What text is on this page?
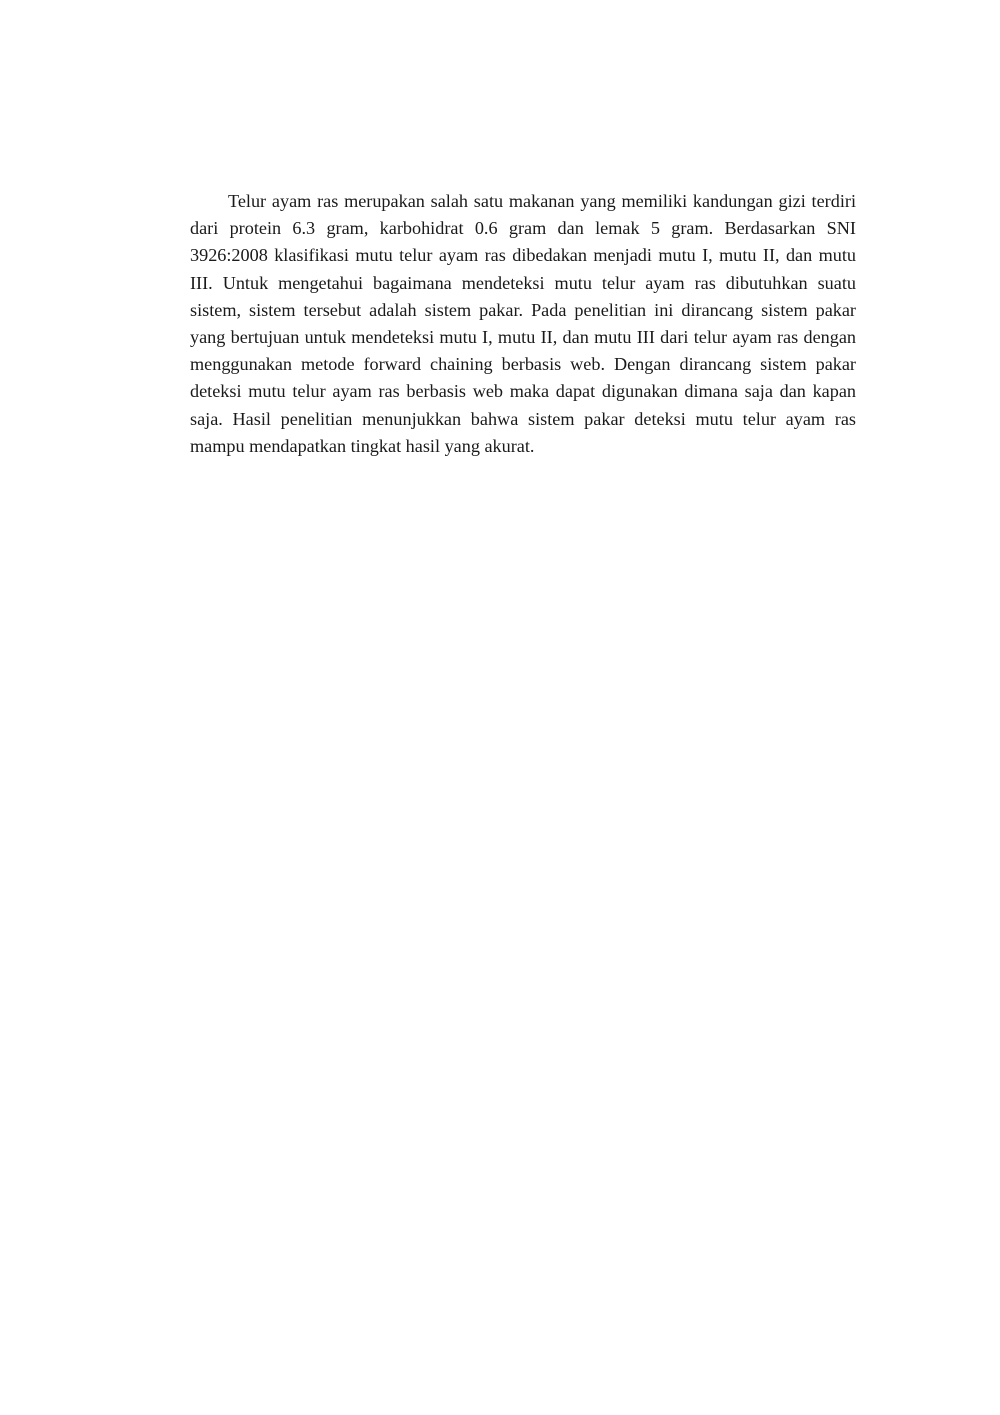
Telur ayam ras merupakan salah satu makanan yang memiliki kandungan gizi terdiri dari protein 6.3 gram, karbohidrat 0.6 gram dan lemak 5 gram. Berdasarkan SNI 3926:2008 klasifikasi mutu telur ayam ras dibedakan menjadi mutu I, mutu II, dan mutu III. Untuk mengetahui bagaimana mendeteksi mutu telur ayam ras dibutuhkan suatu sistem, sistem tersebut adalah sistem pakar. Pada penelitian ini dirancang sistem pakar yang bertujuan untuk mendeteksi mutu I, mutu II, dan mutu III dari telur ayam ras dengan menggunakan metode forward chaining berbasis web. Dengan dirancang sistem pakar deteksi mutu telur ayam ras berbasis web maka dapat digunakan dimana saja dan kapan saja. Hasil penelitian menunjukkan bahwa sistem pakar deteksi mutu telur ayam ras mampu mendapatkan tingkat hasil yang akurat.
